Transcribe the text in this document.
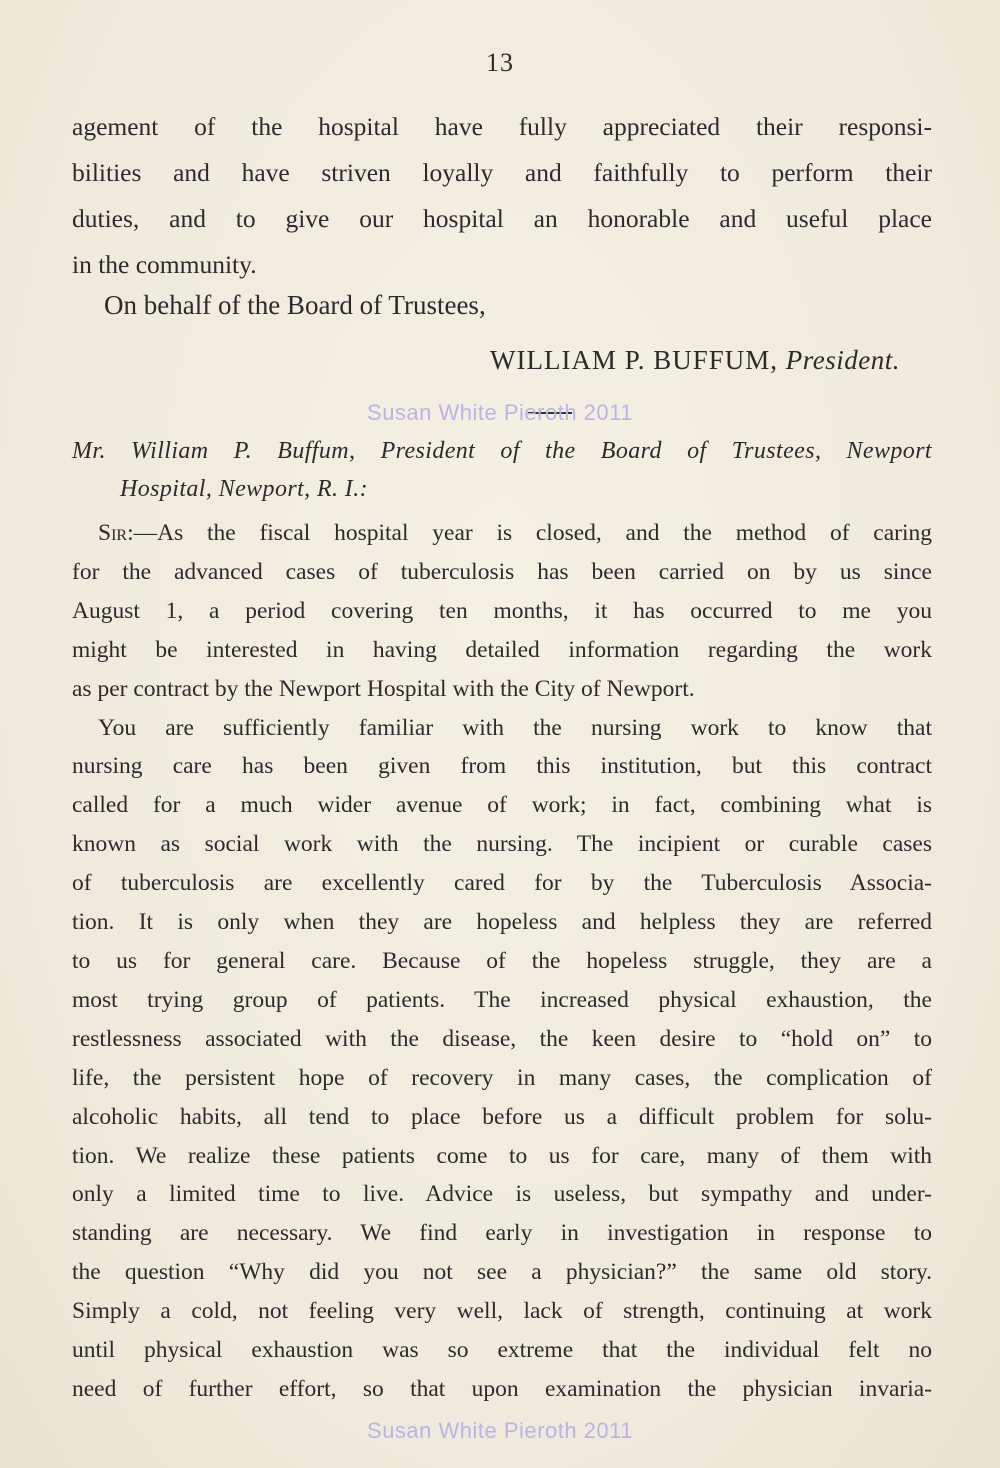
13
agement of the hospital have fully appreciated their responsi-
bilities and have striven loyally and faithfully to perform their
duties, and to give our hospital an honorable and useful place
in the community.
On behalf of the Board of Trustees,
WILLIAM P. BUFFUM, President.
Susan White Pieroth 2011
Mr. William P. Buffum, President of the Board of Trustees, Newport
Hospital, Newport, R. I.:
Sir:—As the fiscal hospital year is closed, and the method of caring
for the advanced cases of tuberculosis has been carried on by us since
August 1, a period covering ten months, it has occurred to me you
might be interested in having detailed information regarding the work
as per contract by the Newport Hospital with the City of Newport.
You are sufficiently familiar with the nursing work to know that
nursing care has been given from this institution, but this contract
called for a much wider avenue of work; in fact, combining what is
known as social work with the nursing. The incipient or curable cases
of tuberculosis are excellently cared for by the Tuberculosis Associa-
tion. It is only when they are hopeless and helpless they are referred
to us for general care. Because of the hopeless struggle, they are a
most trying group of patients. The increased physical exhaustion, the
restlessness associated with the disease, the keen desire to “hold on” to
life, the persistent hope of recovery in many cases, the complication of
alcoholic habits, all tend to place before us a difficult problem for solu-
tion. We realize these patients come to us for care, many of them with
only a limited time to live. Advice is useless, but sympathy and under-
standing are necessary. We find early in investigation in response to
the question “Why did you not see a physician?” the same old story.
Simply a cold, not feeling very well, lack of strength, continuing at work
until physical exhaustion was so extreme that the individual felt no
need of further effort, so that upon examination the physician invaria-
Susan White Pieroth 2011
